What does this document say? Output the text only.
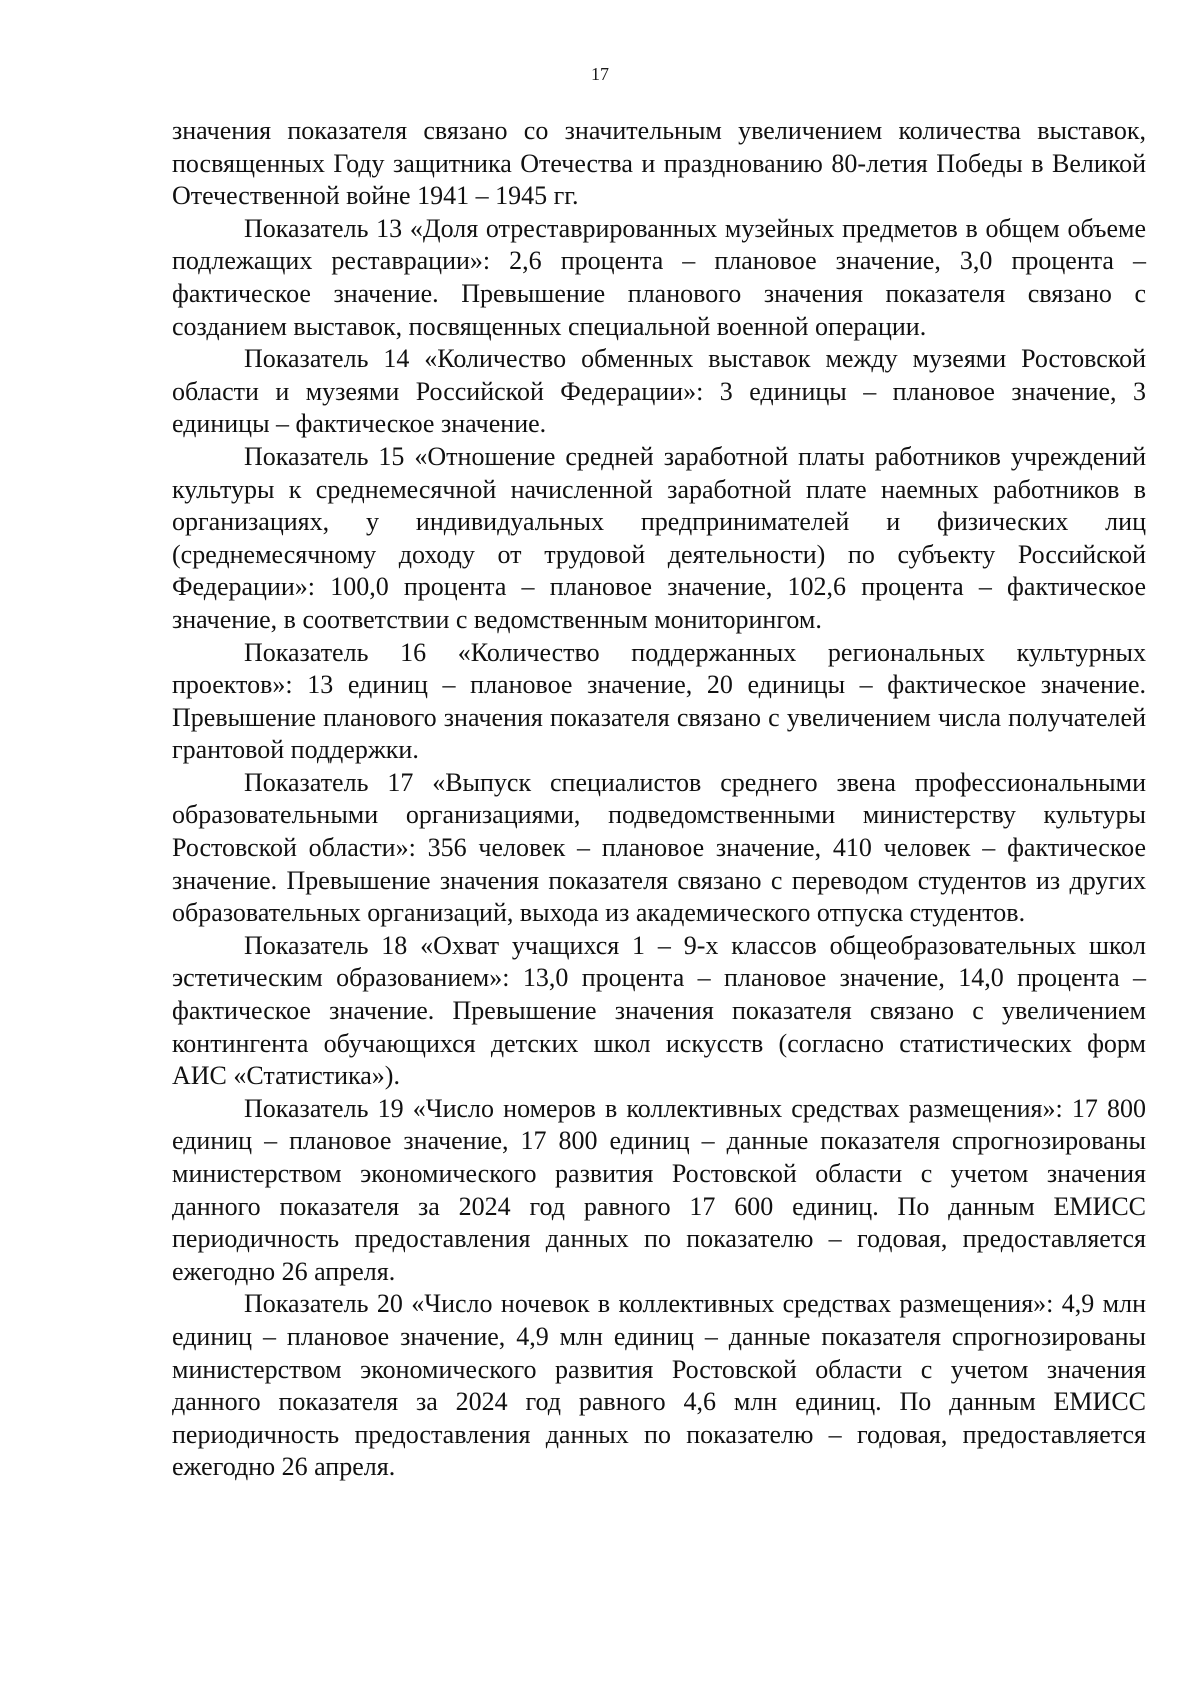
17

значения показателя связано со значительным увеличением количества выставок, посвященных Году защитника Отечества и празднованию 80-летия Победы в Великой Отечественной войне 1941 – 1945 гг.

Показатель 13 «Доля отреставрированных музейных предметов в общем объеме подлежащих реставрации»: 2,6 процента – плановое значение, 3,0 процента – фактическое значение. Превышение планового значения показателя связано с созданием выставок, посвященных специальной военной операции.

Показатель 14 «Количество обменных выставок между музеями Ростовской области и музеями Российской Федерации»: 3 единицы – плановое значение, 3 единицы – фактическое значение.

Показатель 15 «Отношение средней заработной платы работников учреждений культуры к среднемесячной начисленной заработной плате наемных работников в организациях, у индивидуальных предпринимателей и физических лиц (среднемесячному доходу от трудовой деятельности) по субъекту Российской Федерации»: 100,0 процента – плановое значение, 102,6 процента – фактическое значение, в соответствии с ведомственным мониторингом.

Показатель 16 «Количество поддержанных региональных культурных проектов»: 13 единиц – плановое значение, 20 единицы – фактическое значение. Превышение планового значения показателя связано с увеличением числа получателей грантовой поддержки.

Показатель 17 «Выпуск специалистов среднего звена профессиональными образовательными организациями, подведомственными министерству культуры Ростовской области»: 356 человек – плановое значение, 410 человек – фактическое значение. Превышение значения показателя связано с переводом студентов из других образовательных организаций, выхода из академического отпуска студентов.

Показатель 18 «Охват учащихся 1 – 9-х классов общеобразовательных школ эстетическим образованием»: 13,0 процента – плановое значение, 14,0 процента – фактическое значение. Превышение значения показателя связано с увеличением контингента обучающихся детских школ искусств (согласно статистических форм АИС «Статистика»).

Показатель 19 «Число номеров в коллективных средствах размещения»: 17 800 единиц – плановое значение, 17 800 единиц – данные показателя спрогнозированы министерством экономического развития Ростовской области с учетом значения данного показателя за 2024 год равного 17 600 единиц. По данным ЕМИСС периодичность предоставления данных по показателю – годовая, предоставляется ежегодно 26 апреля.

Показатель 20 «Число ночевок в коллективных средствах размещения»: 4,9 млн единиц – плановое значение, 4,9 млн единиц – данные показателя спрогнозированы министерством экономического развития Ростовской области с учетом значения данного показателя за 2024 год равного 4,6 млн единиц. По данным ЕМИСС периодичность предоставления данных по показателю – годовая, предоставляется ежегодно 26 апреля.
